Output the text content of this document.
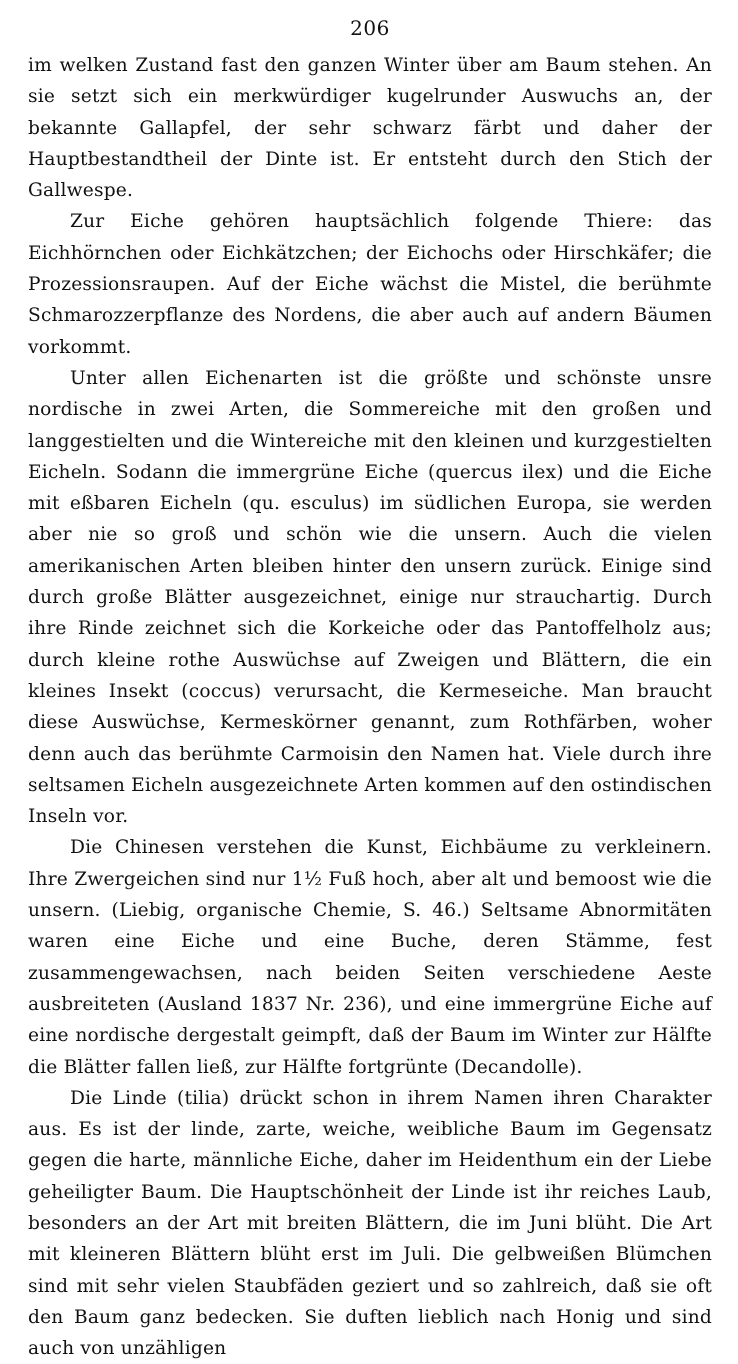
206

im welken Zustand fast den ganzen Winter über am Baum stehen. An sie setzt sich ein merkwürdiger kugelrunder Auswuchs an, der bekannte Gallapfel, der sehr schwarz färbt und daher der Hauptbestandtheil der Dinte ist. Er entsteht durch den Stich der Gallwespe.

Zur Eiche gehören hauptsächlich folgende Thiere: das Eichhörnchen oder Eichkätzchen; der Eichochs oder Hirschkäfer; die Prozessionsraupen. Auf der Eiche wächst die Mistel, die berühmte Schmarozzerpflanze des Nordens, die aber auch auf andern Bäumen vorkommt.

Unter allen Eichenarten ist die größte und schönste unsre nordische in zwei Arten, die Sommereiche mit den großen und langgestielten und die Wintereiche mit den kleinen und kurzgestielten Eicheln. Sodann die immergrüne Eiche (quercus ilex) und die Eiche mit eßbaren Eicheln (qu. esculus) im südlichen Europa, sie werden aber nie so groß und schön wie die unsern. Auch die vielen amerikanischen Arten bleiben hinter den unsern zurück. Einige sind durch große Blätter ausgezeichnet, einige nur strauchartig. Durch ihre Rinde zeichnet sich die Korkeiche oder das Pantoffelholz aus; durch kleine rothe Auswüchse auf Zweigen und Blättern, die ein kleines Insekt (coccus) verursacht, die Kermeseiche. Man braucht diese Auswüchse, Kermeskörner genannt, zum Rothfärben, woher denn auch das berühmte Carmoisin den Namen hat. Viele durch ihre seltsamen Eicheln ausgezeichnete Arten kommen auf den ostindischen Inseln vor.

Die Chinesen verstehen die Kunst, Eichbäume zu verkleinern. Ihre Zwergeichen sind nur 1½ Fuß hoch, aber alt und bemoost wie die unsern. (Liebig, organische Chemie, S. 46.) Seltsame Abnormitäten waren eine Eiche und eine Buche, deren Stämme, fest zusammengewachsen, nach beiden Seiten verschiedene Aeste ausbreiteten (Ausland 1837 Nr. 236), und eine immergrüne Eiche auf eine nordische dergestalt geimpft, daß der Baum im Winter zur Hälfte die Blätter fallen ließ, zur Hälfte fortgrünte (Decandolle).

Die Linde (tilia) drückt schon in ihrem Namen ihren Charakter aus. Es ist der linde, zarte, weiche, weibliche Baum im Gegensatz gegen die harte, männliche Eiche, daher im Heidenthum ein der Liebe geheiligter Baum. Die Hauptschönheit der Linde ist ihr reiches Laub, besonders an der Art mit breiten Blättern, die im Juni blüht. Die Art mit kleineren Blättern blüht erst im Juli. Die gelbweißen Blümchen sind mit sehr vielen Staubfäden geziert und so zahlreich, daß sie oft den Baum ganz bedecken. Sie duften lieblich nach Honig und sind auch von unzähligen
